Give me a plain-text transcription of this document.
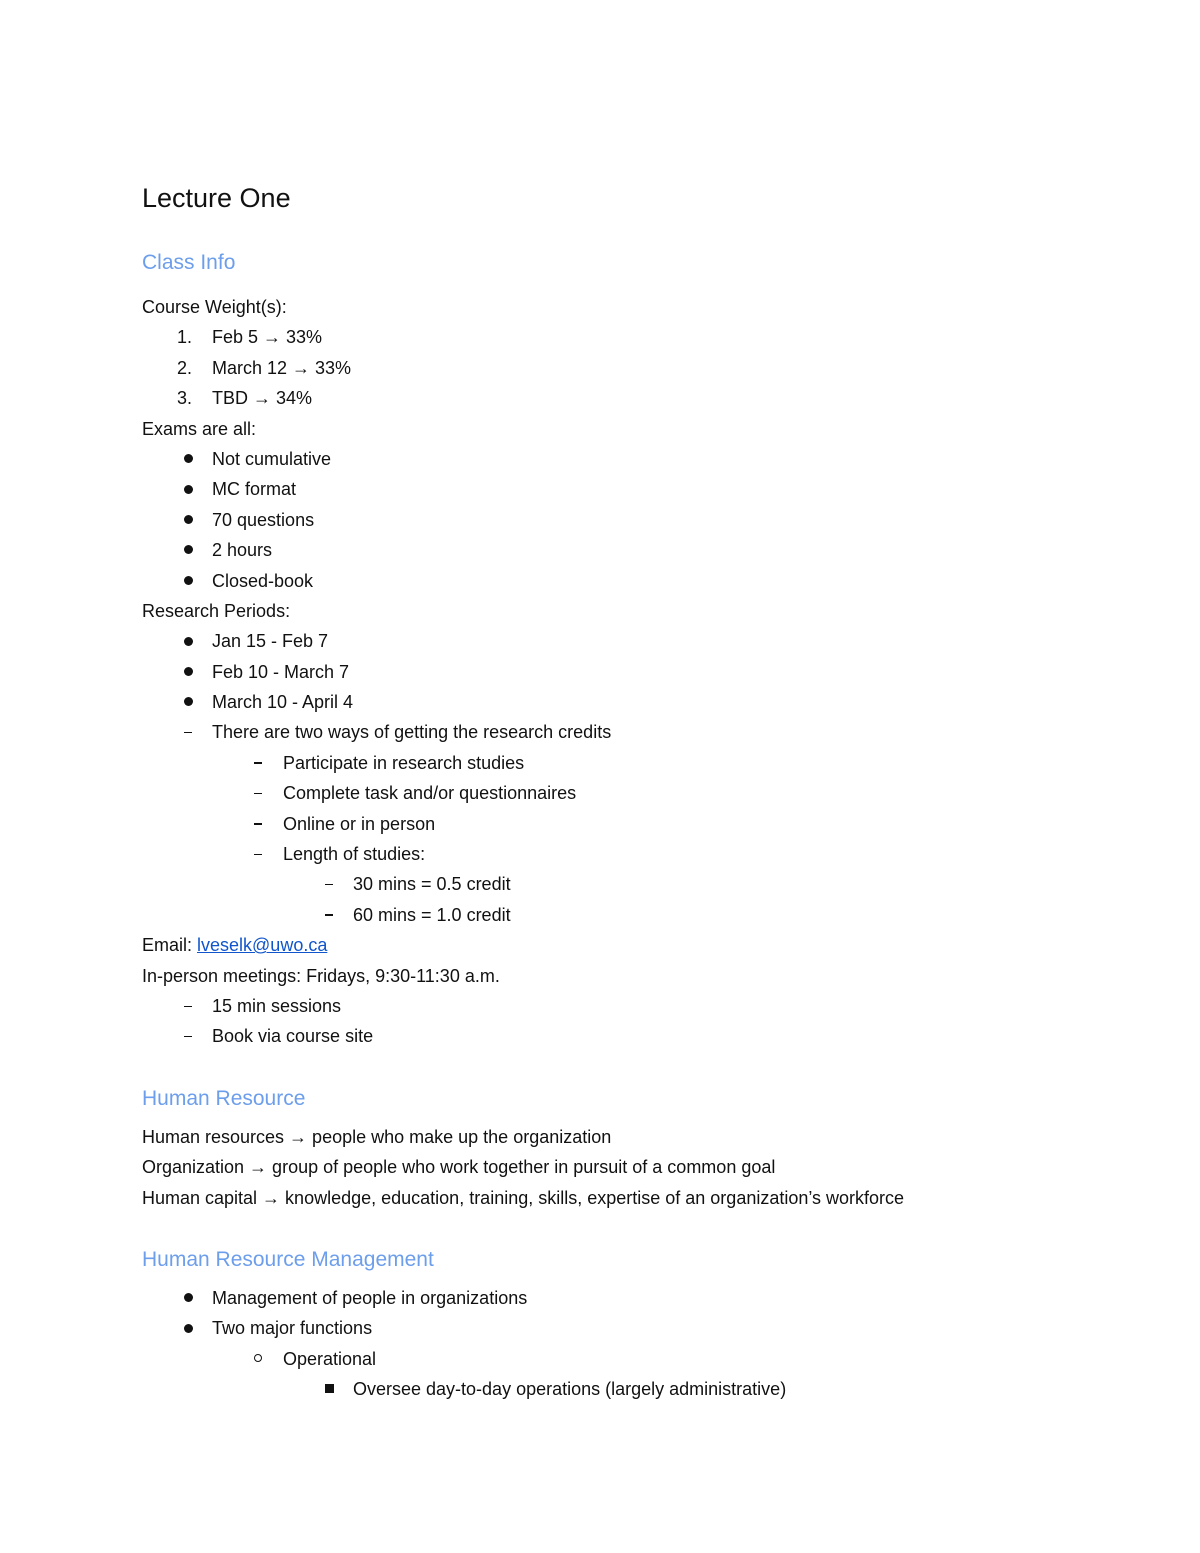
Lecture One
Class Info
Course Weight(s):
1. Feb 5 → 33%
2. March 12 → 33%
3. TBD → 34%
Exams are all:
Not cumulative
MC format
70 questions
2 hours
Closed-book
Research Periods:
Jan 15 - Feb 7
Feb 10 - March 7
March 10 - April 4
There are two ways of getting the research credits
Participate in research studies
Complete task and/or questionnaires
Online or in person
Length of studies:
30 mins = 0.5 credit
60 mins = 1.0 credit
Email: lveselk@uwo.ca
In-person meetings: Fridays, 9:30-11:30 a.m.
15 min sessions
Book via course site
Human Resource
Human resources → people who make up the organization
Organization → group of people who work together in pursuit of a common goal
Human capital → knowledge, education, training, skills, expertise of an organization’s workforce
Human Resource Management
Management of people in organizations
Two major functions
Operational
Oversee day-to-day operations (largely administrative)
